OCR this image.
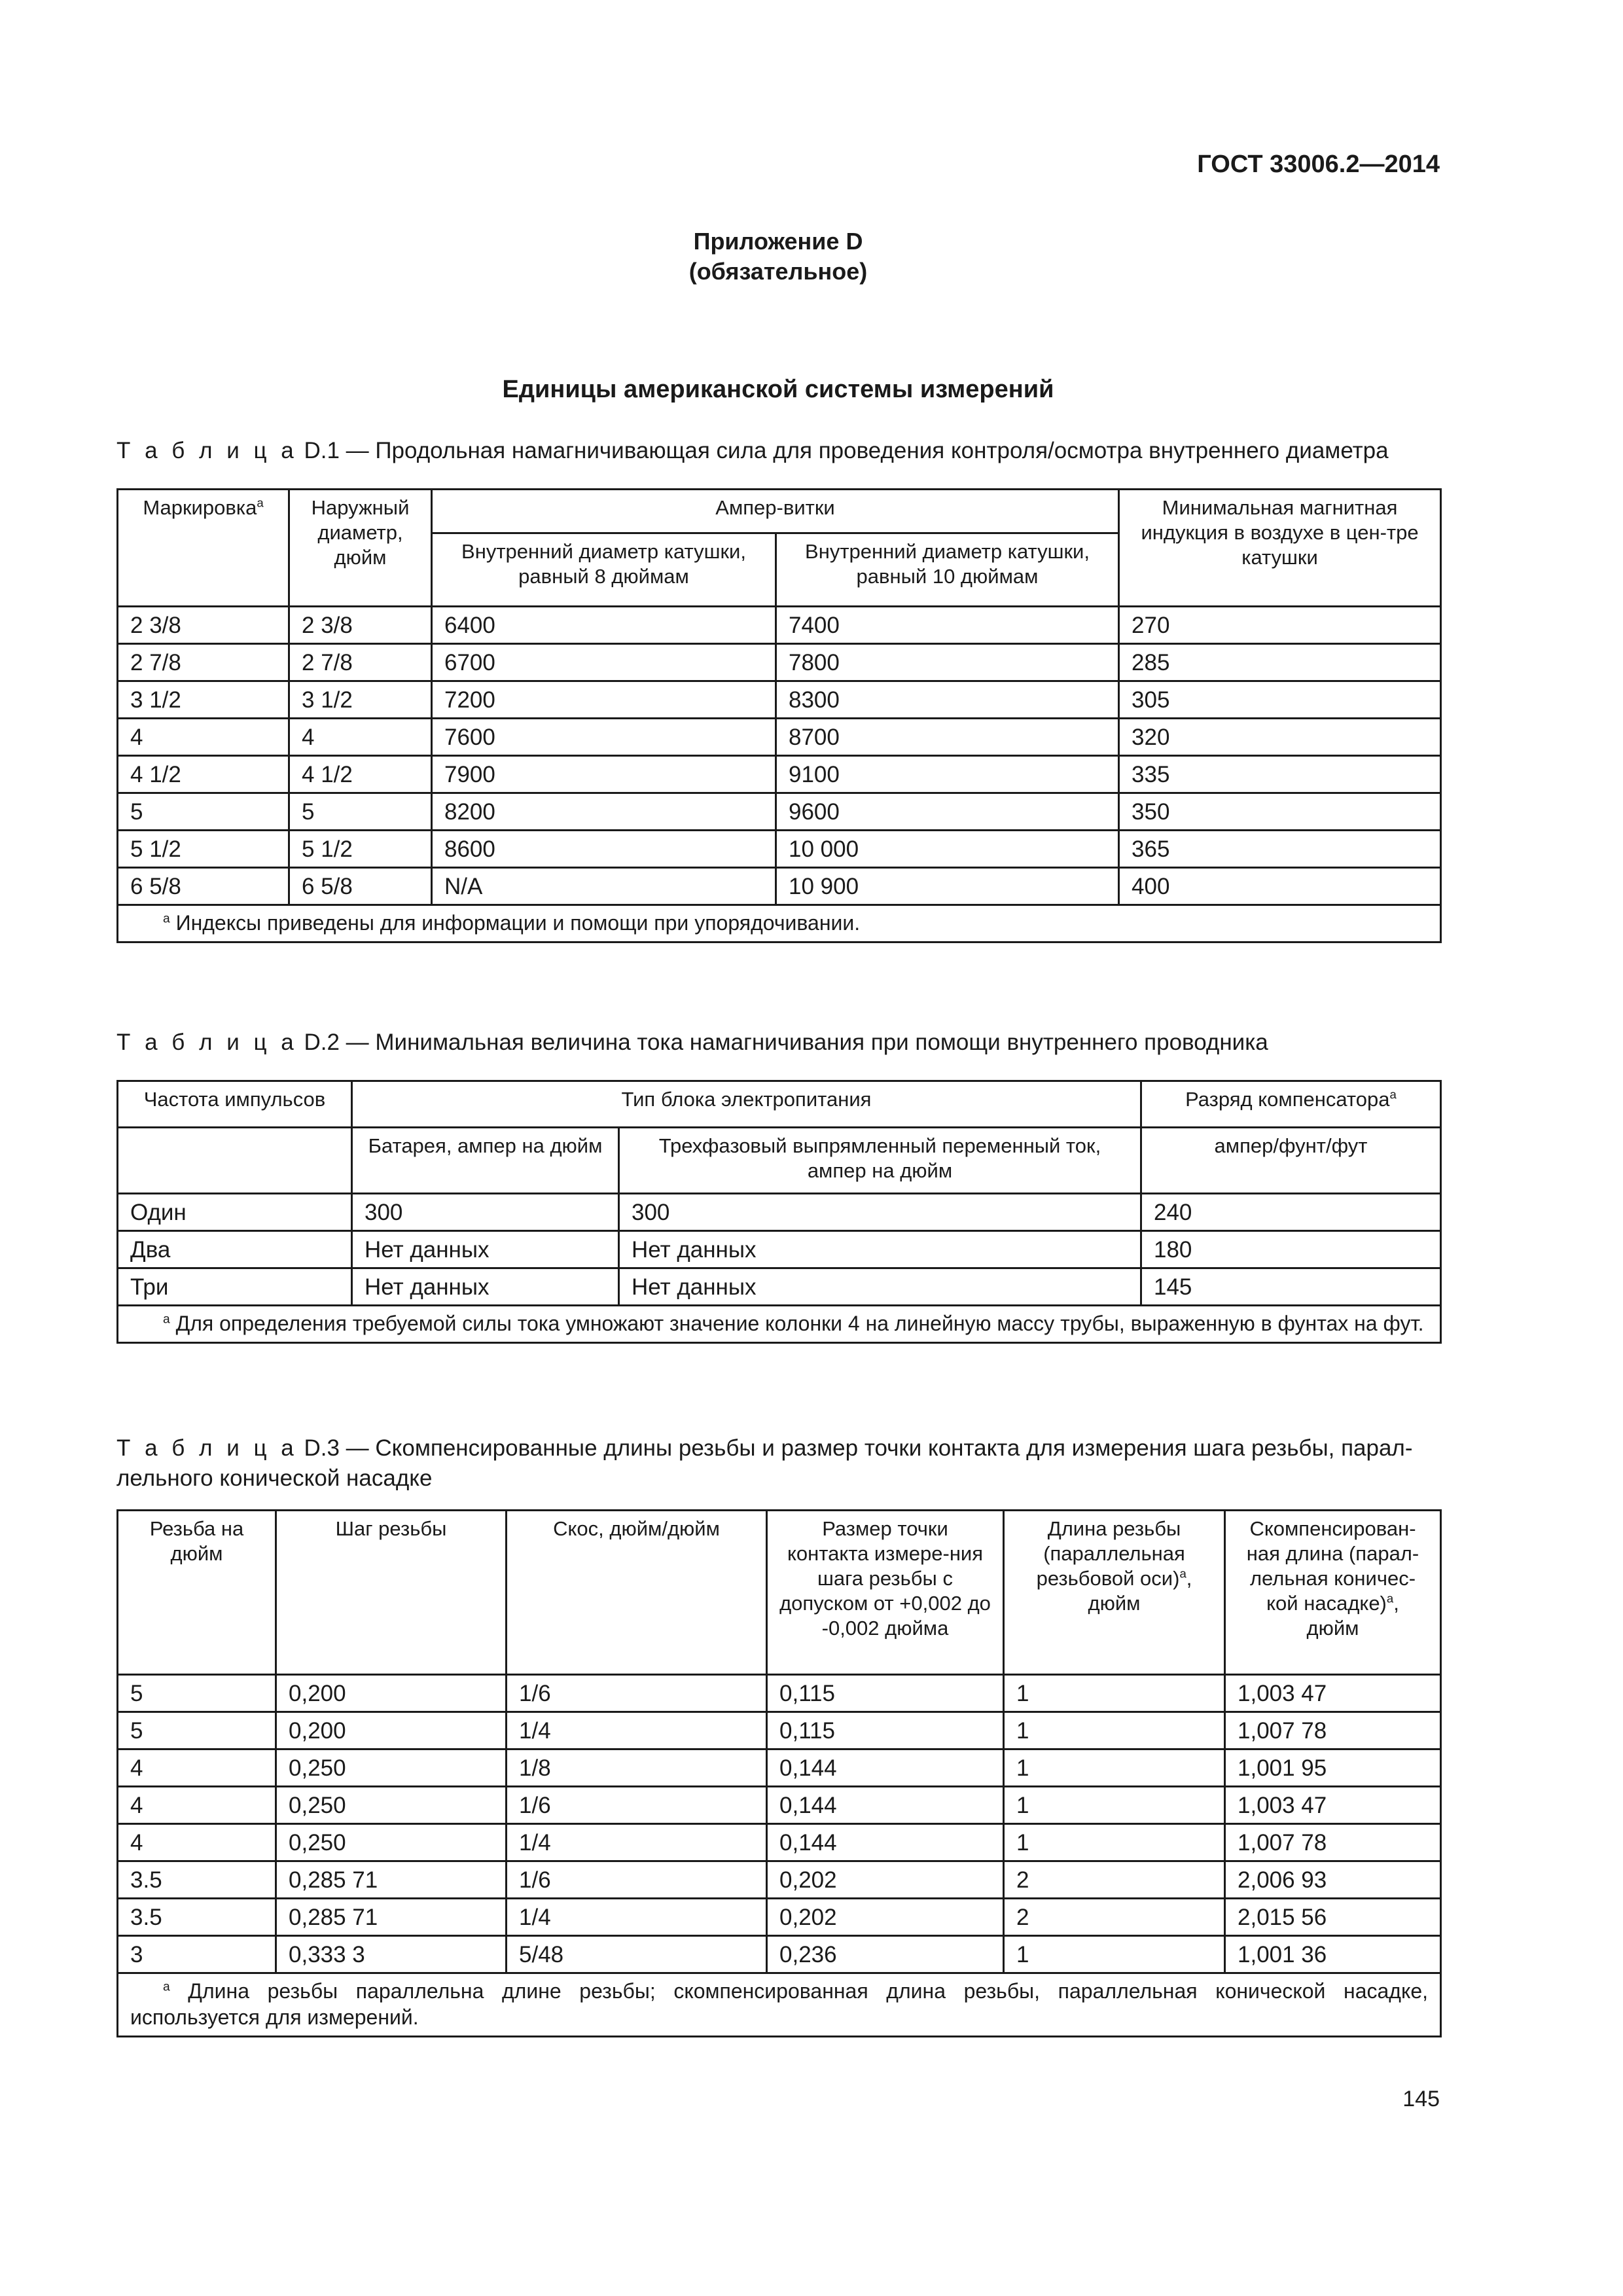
ГОСТ 33006.2—2014
Приложение D
(обязательное)
Единицы американской системы измерений
Т а б л и ц а D.1 — Продольная намагничивающая сила для проведения контроля/осмотра внутреннего диаметра
Маркировка$^a$	Наружный диаметр, дюйм	Ампер-витки		Минимальная магнитная индукция в воздухе в цен-тре катушки
		Внутренний диаметр катушки, равный 8 дюймам	Внутренний диаметр катушки, равный 10 дюймам	
2 3/8	2 3/8	6400	7400	270
2 7/8	2 7/8	6700	7800	285
3 1/2	3 1/2	7200	8300	305
4	4	7600	8700	320
4 1/2	4 1/2	7900	9100	335
5	5	8200	9600	350
5 1/2	5 1/2	8600	10 000	365
6 5/8	6 5/8	N/A	10 900	400
$^a$ Индексы приведены для информации и помощи при упорядочивании.				
Т а б л и ц а D.2 — Минимальная величина тока намагничивания при помощи внутреннего проводника
Частота импульсов	Тип блока электропитания		Разряд компенсатора$^a$
	Батарея, ампер на дюйм	Трехфазовый выпрямленный переменный ток, ампер на дюйм	ампер/фунт/фут
Один	300	300	240
Два	Нет данных	Нет данных	180
Три	Нет данных	Нет данных	145
$^a$ Для определения требуемой силы тока умножают значение колонки 4 на линейную массу трубы, выраженную в фунтах на фут.			
Т а б л и ц а D.3 — Скомпенсированные длины резьбы и размер точки контакта для измерения шага резьбы, парал-лельного конической насадке
Резьба на дюйм	Шаг резьбы	Скос, дюйм/дюйм	Размер точки контакта измере-ния шага резьбы с допуском от +0,002 до -0,002 дюйма	Длина резьбы (параллельная резьбовой оси)$^a$, дюйм	Скомпенсирован-ная длина (парал-лельная коничес-кой насадке)$^a$, дюйм
5	0,200	1/6	0,115	1	1,003 47
5	0,200	1/4	0,115	1	1,007 78
4	0,250	1/8	0,144	1	1,001 95
4	0,250	1/6	0,144	1	1,003 47
4	0,250	1/4	0,144	1	1,007 78
3.5	0,285 71	1/6	0,202	2	2,006 93
3.5	0,285 71	1/4	0,202	2	2,015 56
3	0,333 3	5/48	0,236	1	1,001 36
$^a$ Длина резьбы параллельна длине резьбы; скомпенсированная длина резьбы, параллельная конической насадке, используется для измерений.					
145
